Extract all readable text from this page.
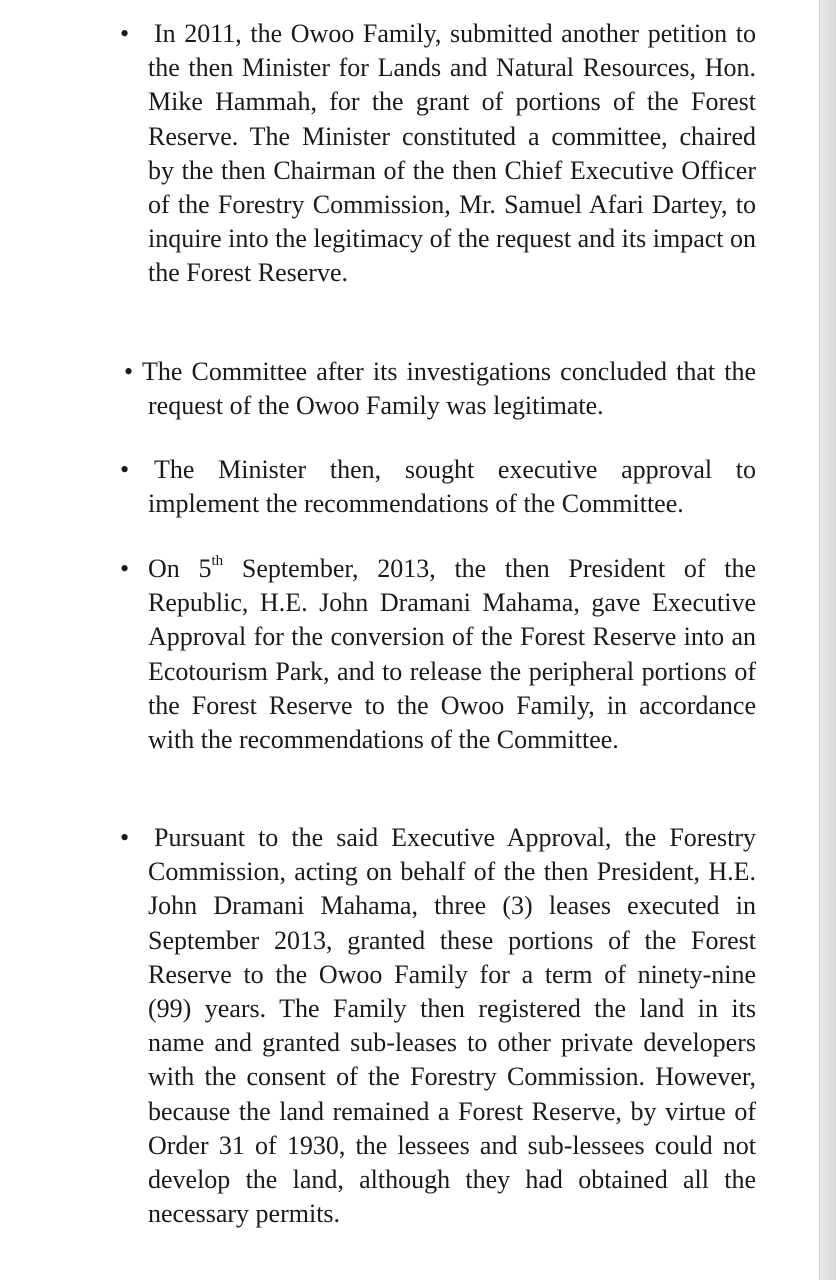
• In 2011, the Owoo Family, submitted another petition to the then Minister for Lands and Natural Resources, Hon. Mike Hammah, for the grant of portions of the Forest Reserve. The Minister constituted a committee, chaired by the then Chairman of the then Chief Executive Officer of the Forestry Commission, Mr. Samuel Afari Dartey, to inquire into the legitimacy of the request and its impact on the Forest Reserve.
• The Committee after its investigations concluded that the request of the Owoo Family was legitimate.
• The Minister then, sought executive approval to implement the recommendations of the Committee.
• On 5th September, 2013, the then President of the Republic, H.E. John Dramani Mahama, gave Executive Approval for the conversion of the Forest Reserve into an Ecotourism Park, and to release the peripheral portions of the Forest Reserve to the Owoo Family, in accordance with the recommendations of the Committee.
• Pursuant to the said Executive Approval, the Forestry Commission, acting on behalf of the then President, H.E. John Dramani Mahama, three (3) leases executed in September 2013, granted these portions of the Forest Reserve to the Owoo Family for a term of ninety-nine (99) years. The Family then registered the land in its name and granted sub-leases to other private developers with the consent of the Forestry Commission. However, because the land remained a Forest Reserve, by virtue of Order 31 of 1930, the lessees and sub-lessees could not develop the land, although they had obtained all the necessary permits.
